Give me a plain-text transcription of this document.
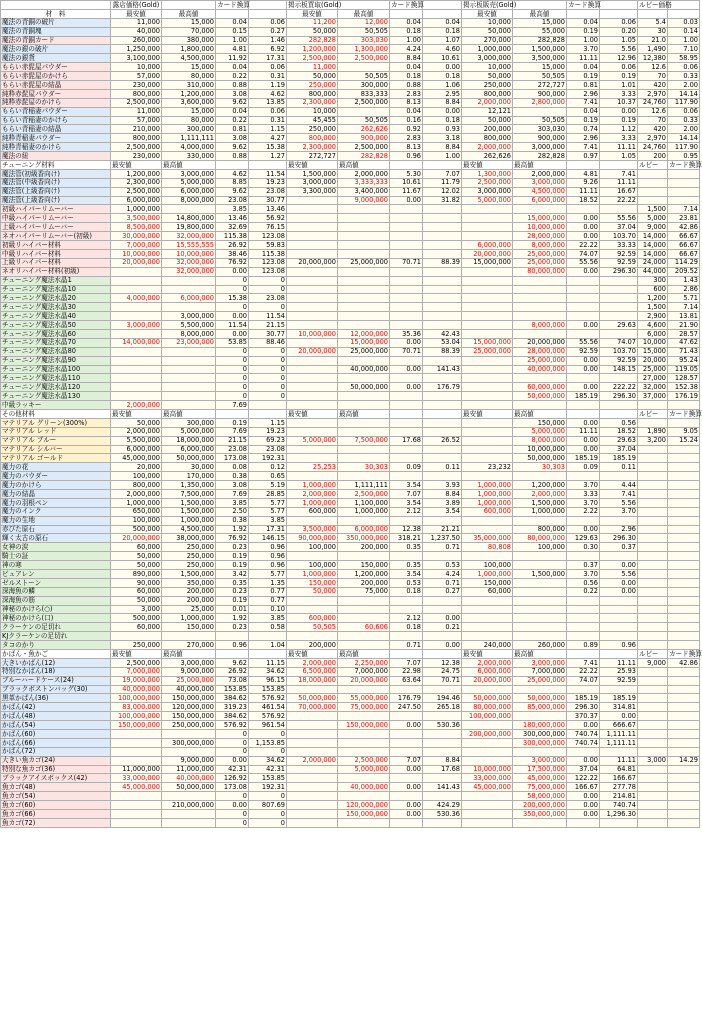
	露店価格(Gold)		カード換算		掲示板買取(Gold)		カード換算		掲示板販売(Gold)		カード換算		ルビー価格	
材　料	最安値	最高値			最安値	最高値			最安値	最高値				
魔法の青銅の破片	11,000	15,000	0.04	0.06	11,200	12,000	0.04	0.04	10,000	15,000	0.04	0.06	5.4	0.03
魔法の青銅塊	40,000	70,000	0.15	0.27	50,000	50,505	0.18	0.18	50,000	55,000	0.19	0.20	30	0.14
魔法の青銅カード	260,000	380,000	1.00	1.46	282,828	303,030	1.00	1.07	270,000	282,828	1.00	1.05	21.0	1.00
魔法の銀の破片	1,250,000	1,800,000	4.81	6.92	1,200,000	1,300,000	4.24	4.60	1,000,000	1,500,000	3.70	5.56	1,490	7.10
魔法の銀貨	3,100,000	4,500,000	11.92	17.31	2,500,000	2,500,000	8.84	10.61	3,000,000	3,500,000	11.11	12.96	12,380	58.95
もらい赤髭屋パウダー	10,000	15,000	0.04	0.06	11,000		0.04	0.00	10,000	15,000	0.04	0.06	12.6	0.06
もらい赤髭屋のかけら	57,000	80,000	0.22	0.31	50,000	50,505	0.18	0.18	50,000	50,505	0.19	0.19	70	0.33
もらい赤髭屋の結晶	230,000	310,000	0.88	1.19	250,000	300,000	0.88	1.06	250,000	272,727	0.81	1.01	420	2.00
純粋赤髭屋パウダー	800,000	1,200,000	3.08	4.62	800,000	833,333	2.83	2.95	800,000	900,000	2.96	3.33	2,970	14.14
純粋赤髭屋のかけら	2,500,000	3,600,000	9.62	13.85	2,300,000	2,500,000	8.13	8.84	2,000,000	2,800,000	7.41	10.37	24,760	117.90
もらい青稲妻パウダー	11,000	15,000	0.04	0.06	10,000		0.04	0.00	12,121		0.04	0.00	12.6	0.06
もらい青稲妻のかけら	57,000	80,000	0.22	0.31	45,455	50,505	0.16	0.18	50,000	50,505	0.19	0.19	70	0.33
もらい青稲妻の結晶	210,000	300,000	0.81	1.15	250,000	262,626	0.92	0.93	200,000	303,030	0.74	1.12	420	2.00
純粋青稲妻パウダー	800,000	1,111,111	3.08	4.27	800,000	900,000	2.83	3.18	800,000	900,000	2.96	3.33	2,970	14.14
純粋青稲妻のかけら	2,500,000	4,000,000	9.62	15.38	2,300,000	2,500,000	8.13	8.84	2,000,000	3,000,000	7.41	11.11	24,760	117.90
魔法の紐	230,000	330,000	0.88	1.27	272,727	282,828	0.96	1.00	262,626	282,828	0.97	1.05	200	0.95
チューニング材料	最安値	最高値			最安値	最高値			最安値	最高値			ルビー	カード換算
魔法管(初級香向け)	1,200,000	3,000,000	4.62	11.54	1,500,000	2,000,000	5.30	7.07	1,300,000	2,000,000	4.81	7.41		
魔法管(中級香向け)	2,300,000	5,000,000	8.85	19.23	3,000,000	3,333,333	10.61	11.79	2,500,000	3,000,000	9.26	11.11		
魔法管(上級香向け)	2,500,000	6,000,000	9.62	23.08	3,300,000	3,400,000	11.67	12.02	3,000,000	4,500,000	11.11	16.67		
魔法管(上級香向け)	6,000,000	8,000,000	23.08	30.77		9,000,000	0.00	31.82	5,000,000	6,000,000	18.52	22.22		
初級ハイパーリムーバー	1,000,000		3.85	13.46									1,500	7.14
中級ハイパーリムーバー	3,500,000	14,800,000	13.46	56.92						15,000,000	0.00	55.56	5,000	23.81
上級ハイパーリムーバー	8,500,000	19,800,000	32.69	76.15						10,000,000	0.00	37.04	9,000	42.86
ネオハイパーリムーバー(初級)	30,000,000	32,000,000	115.38	123.08						28,000,000	0.00	103.70	14,000	66.67
初級リハイパー材料	7,000,000	15,555,555	26.92	59.83					6,000,000	8,000,000	22.22	33.33	14,000	66.67
中級リハイパー材料	10,000,000	10,000,000	38.46	115.38					20,000,000	25,000,000	74.07	92.59	14,000	66.67
上級リハイパー材料	20,000,000	32,000,000	76.92	123.08	20,000,000	25,000,000	70.71	88.39	15,000,000	25,000,000	55.56	92.59	24,000	114.29
ネオリハイパー材料(初級)		32,000,000	0.00	123.08						80,000,000	0.00	296.30	44,000	209.52
チューニング魔法水晶1			0	0									300	1.43
チューニング魔法水晶10			0	0									600	2.86
チューニング魔法水晶20	4,000,000	6,000,000	15.38	23.08									1,200	5.71
チューニング魔法水晶30			0	0									1,500	7.14
チューニング魔法水晶40		3,000,000	0.00	11.54									2,900	13.81
チューニング魔法水晶50	3,000,000	5,500,000	11.54	21.15						8,000,000	0.00	29.63	4,600	21.90
チューニング魔法水晶60		8,000,000	0.00	30.77	10,000,000	12,000,000	35.36	42.43					6,000	28.57
チューニング魔法水晶70	14,000,000	23,000,000	53.85	88.46		15,000,000	0.00	53.04	15,000,000	20,000,000	55.56	74.07	10,000	47.62
チューニング魔法水晶80			0	0	20,000,000	25,000,000	70.71	88.39	25,000,000	28,000,000	92.59	103.70	15,000	71.43
チューニング魔法水晶90			0	0						25,000,000	0.00	92.59	20,000	95.24
チューニング魔法水晶100			0	0		40,000,000	0.00	141.43		40,000,000	0.00	148.15	25,000	119.05
チューニング魔法水晶110			0	0									27,000	128.57
チューニング魔法水晶120			0	0		50,000,000	0.00	176.79		60,000,000	0.00	222.22	32,000	152.38
チューニング魔法水晶130			0	0						50,000,000	185.19	296.30	37,000	176.19
中級ラッキー	2,000,000		7.69											
その他材料	最安値	最高値			最安値	最高値			最安値	最高値			ルビー	カード換算
マテリアル グリーン(300%)	50,000	300,000	0.19	1.15						150,000	0.00	0.56		
マテリアル レッド	2,000,000	5,000,000	7.69	19.23						5,000,000	11.11	18.52	1,890	9.05
マテリアル ブルー	5,500,000	18,000,000	21.15	69.23	5,000,000	7,500,000	17.68	26.52		8,000,000	0.00	29.63	3,200	15.24
マテリアル シルバー	6,000,000	6,000,000	23.08	23.08						10,000,000	0.00	37.04		
マテリアル ゴールド	45,000,000	50,000,000	173.08	192.31						50,000,000	185.19	185.19		
魔力の花	20,000	30,000	0.08	0.12	25,253	30,303	0.09	0.11	23,232	30,303	0.09	0.11		
魔力のパウダー	100,000	170,000	0.38	0.65										
魔力のかけら	800,000	1,350,000	3.08	5.19	1,000,000	1,111,111	3.54	3.93	1,000,000	1,200,000	3.70	4.44		
魔力の結晶	2,000,000	7,500,000	7.69	28.85	2,000,000	2,500,000	7.07	8.84	1,000,000	2,000,000	3.33	7.41		
魔力の羽根ペン	1,000,000	1,500,000	3.85	5.77	1,000,000	1,100,000	3.54	3.89	1,000,000	1,500,000	3.70	5.56		
魔力のインク	650,000	1,500,000	2.50	5.77	600,000	1,000,000	2.12	3.54	600,000	1,000,000	2.22	3.70		
魔力の生地	100,000	1,000,000	0.38	3.85										
赤びた原石	500,000	4,500,000	1.92	17.31	3,500,000	6,000,000	12.38	21.21		800,000	0.00	2.96		
輝く太古の原石	20,000,000	38,000,000	76.92	146.15	90,000,000	350,000,000	318.21	1,237.50	35,000,000	80,000,000	129.63	296.30		
女神の涙	60,000	250,000	0.23	0.96	100,000	200,000	0.35	0.71	80,808	100,000	0.30	0.37		
騎士の証	50,000	250,000	0.19	0.96										
神の寒	50,000	250,000	0.19	0.96	100,000	150,000	0.35	0.53	100,000		0.37	0.00		
ビュアレン	890,000	1,500,000	3.42	5.77	1,000,000	1,200,000	3.54	4.24	1,000,000	1,500,000	3.70	5.56		
ゼルストーン	90,000	350,000	0.35	1.35	150,000	200,000	0.53	0.71	150,000		0.56	0.00		
深海魚の鱗	60,000	200,000	0.23	0.77	50,000	75,000	0.18	0.27	60,000		0.22	0.00		
深海魚の筋	50,000	200,000	0.19	0.77										
神秘のかけら(○)	3,000	25,000	0.01	0.10										
神秘のかけら(口)	500,000	1,000,000	1.92	3.85	600,000		2.12	0.00						
クラーケンの足切れ	60,000	150,000	0.23	0.58	50,505	60,606	0.18	0.21						
KJクラーケンの足切れ														
タコのかり	250,000	270,000	0.96	1.04	200,000		0.71	0.00	240,000	260,000	0.89	0.96		
かばん・魚かご	最安値	最高値			最安値	最高値			最安値	最高値			ルビー	カード換算
大きいかばん(12)	2,500,000	3,000,000	9.62	11.15	2,000,000	2,250,000	7.07	12.38	2,000,000	3,000,000	7.41	11.11	9,000	42.86
特別なかばん(18)	7,000,000	9,000,000	26.92	34.62	6,500,000	7,000,000	22.98	24.75	6,000,000	7,000,000	22.22	25.93		
ブルーハードケース(24)	19,000,000	25,000,000	73.08	96.15	18,000,000	20,000,000	63.64	70.71	20,000,000	25,000,000	74.07	92.59		
ブラックボストンバッグ(30)	40,000,000	40,000,000	153.85	153.85										
黒革かばん(36)	100,000,000	150,000,000	384.62	576.92	50,000,000	55,000,000	176.79	194.46	50,000,000	50,000,000	185.19	185.19		
かばん(42)	83,000,000	120,000,000	319.23	461.54	70,000,000	75,000,000	247.50	265.18	80,000,000	85,000,000	296.30	314.81		
かばん(48)	100,000,000	150,000,000	384.62	576.92					100,000,000		370.37	0.00		
かばん(54)	150,000,000	250,000,000	576.92	961.54		150,000,000	0.00	530.36		180,000,000	0.00	666.67		
かばん(60)			0	0					200,000,000	300,000,000	740.74	1,111.11		
かばん(66)		300,000,000	0	1,153.85						300,000,000	740.74	1,111.11		
かばん(72)			0	0										
大きい魚カゴ(24)		9,000,000	0.00	34.62	2,000,000	2,500,000	7.07	8.84		3,000,000	0.00	11.11	3,000	14.29
特別な魚カゴ(36)	11,000,000	11,000,000	42.31	42.31		5,000,000	0.00	17.68	10,000,000	17,500,000	37.04	64.81		
ブラックアイスボックス(42)	33,000,000	40,000,000	126.92	153.85					33,000,000	45,000,000	122.22	166.67		
魚カゴ(48)	45,000,000	50,000,000	173.08	192.31		40,000,000	0.00	141.43	45,000,000	75,000,000	166.67	277.78		
魚カゴ(54)			0	0						58,000,000	0.00	214.81		
魚カゴ(60)		210,000,000	0.00	807.69		120,000,000	0.00	424.29		200,000,000	0.00	740.74		
魚カゴ(66)			0	0		150,000,000	0.00	530.36		350,000,000	0.00	1,296.30		
魚カゴ(72)			0	0										
